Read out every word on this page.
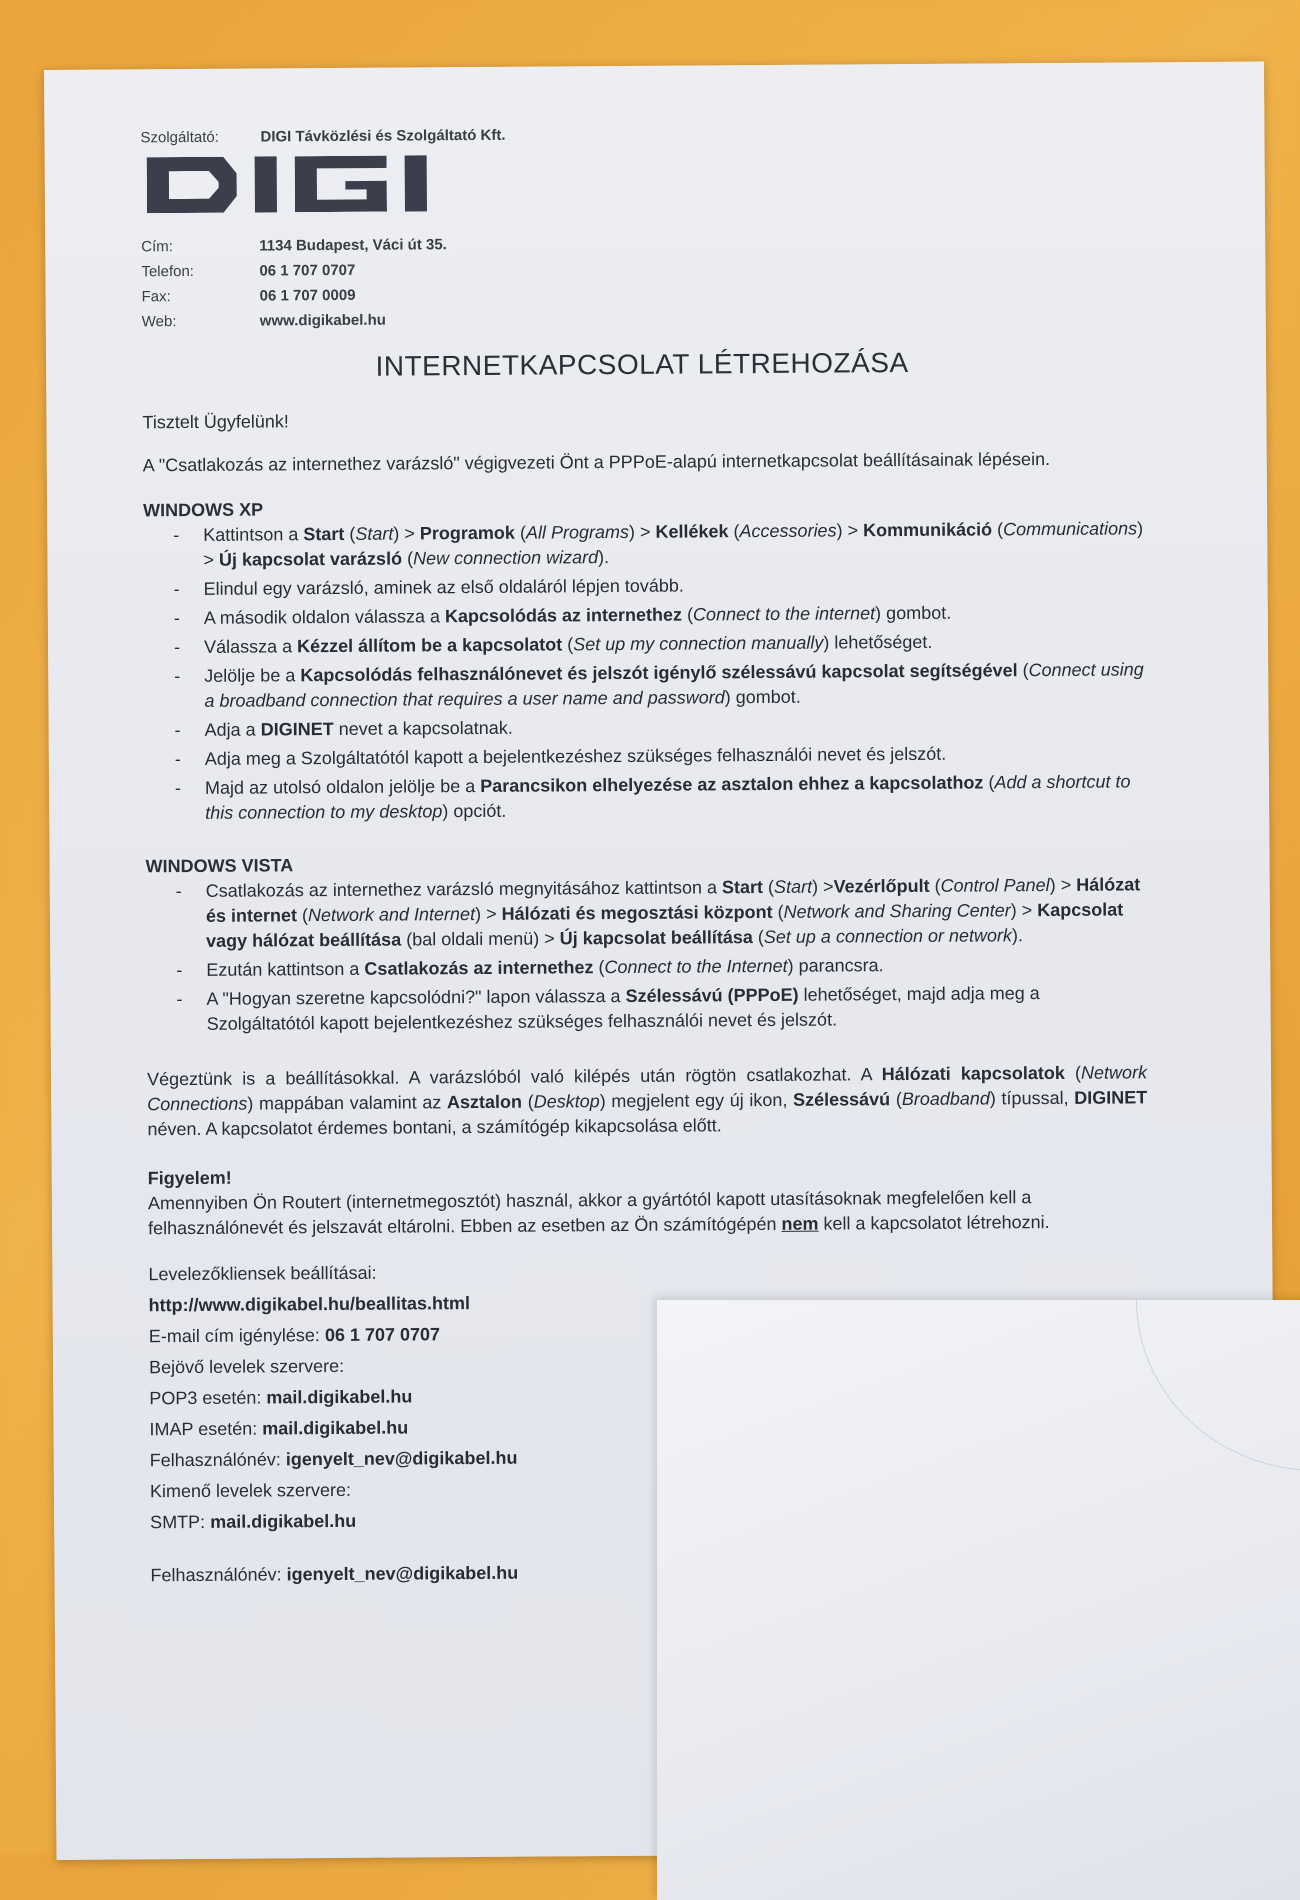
Szolgáltató:	DIGI Távközlési és Szolgáltató Kft.
Cím:	1134 Budapest, Váci út 35.
Telefon:	06 1 707 0707
Fax:	06 1 707 0009
Web:	www.digikabel.hu
INTERNETKAPCSOLAT LÉTREHOZÁSA

Tisztelt Ügyfelünk!

A "Csatlakozás az internethez varázsló" végigvezeti Önt a PPPoE-alapú internetkapcsolat beállításainak lépésein.

WINDOWS XP
- Kattintson a Start (Start) > Programok (All Programs) > Kellékek (Accessories) > Kommunikáció (Communications) > Új kapcsolat varázsló (New connection wizard).
- Elindul egy varázsló, aminek az első oldaláról lépjen tovább.
- A második oldalon válassza a Kapcsolódás az internethez (Connect to the internet) gombot.
- Válassza a Kézzel állítom be a kapcsolatot (Set up my connection manually) lehetőséget.
- Jelölje be a Kapcsolódás felhasználónevet és jelszót igénylő szélessávú kapcsolat segítségével (Connect using a broadband connection that requires a user name and password) gombot.
- Adja a DIGINET nevet a kapcsolatnak.
- Adja meg a Szolgáltatótól kapott a bejelentkezéshez szükséges felhasználói nevet és jelszót.
- Majd az utolsó oldalon jelölje be a Parancsikon elhelyezése az asztalon ehhez a kapcsolathoz (Add a shortcut to this connection to my desktop) opciót.
WINDOWS VISTA
- Csatlakozás az internethez varázsló megnyitásához kattintson a Start (Start) >Vezérlőpult (Control Panel) > Hálózat és internet (Network and Internet) > Hálózati és megosztási központ (Network and Sharing Center) > Kapcsolat vagy hálózat beállítása (bal oldali menü) > Új kapcsolat beállítása (Set up a connection or network).
- Ezután kattintson a Csatlakozás az internethez (Connect to the Internet) parancsra.
- A "Hogyan szeretne kapcsolódni?" lapon válassza a Szélessávú (PPPoE) lehetőséget, majd adja meg a Szolgáltatótól kapott bejelentkezéshez szükséges felhasználói nevet és jelszót.

Végeztünk is a beállításokkal. A varázslóból való kilépés után rögtön csatlakozhat. A Hálózati kapcsolatok (Network Connections) mappában valamint az Asztalon (Desktop) megjelent egy új ikon, Szélessávú (Broadband) típussal, DIGINET néven. A kapcsolatot érdemes bontani, a számítógép kikapcsolása előtt.

Figyelem!

Amennyiben Ön Routert (internetmegosztót) használ, akkor a gyártótól kapott utasításoknak megfelelően kell a felhasználónevét és jelszavát eltárolni. Ebben az esetben az Ön számítógépén nem kell a kapcsolatot létrehozni.

Levelezőkliensek beállításai:
http://www.digikabel.hu/beallitas.html
E-mail cím igénylése: 06 1 707 0707
Bejövő levelek szervere:
POP3 esetén: mail.digikabel.hu
IMAP esetén: mail.digikabel.hu
Felhasználónév: igenyelt_nev@digikabel.hu
Kimenő levelek szervere:
SMTP: mail.digikabel.hu
Felhasználónév: igenyelt_nev@digikabel.hu
